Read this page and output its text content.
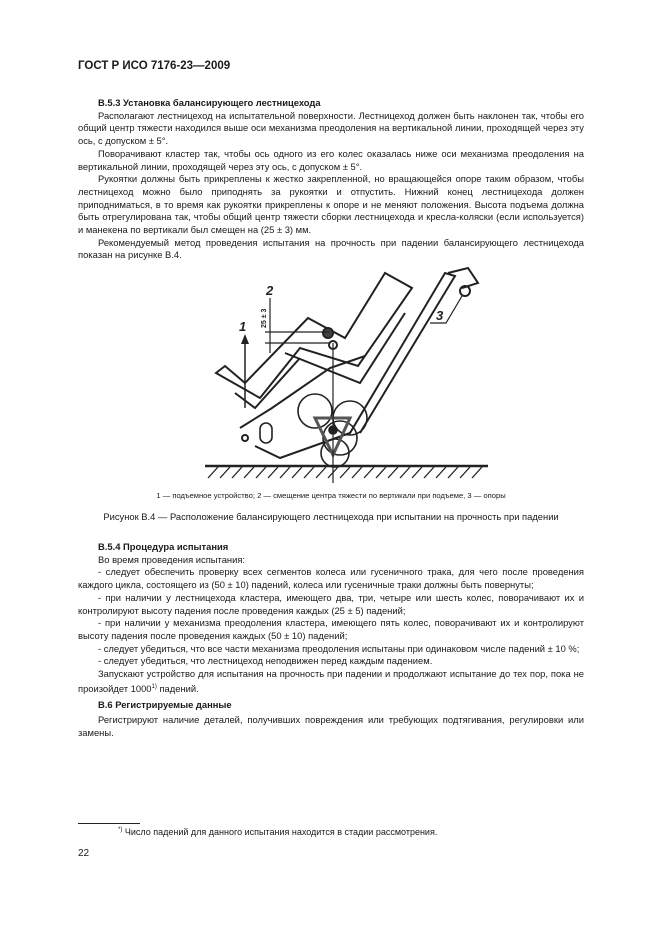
ГОСТ Р ИСО 7176-23—2009
В.5.3 Установка балансирующего лестницехода

Располагают лестницеход на испытательной поверхности. Лестницеход должен быть наклонен так, чтобы его общий центр тяжести находился выше оси механизма преодоления на вертикальной линии, проходящей через эту ось, с допуском ± 5°.

Поворачивают кластер так, чтобы ось одного из его колес оказалась ниже оси механизма преодоления на вертикальной линии, проходящей через эту ось, с допуском ± 5°.

Рукоятки должны быть прикреплены к жестко закрепленной, но вращающейся опоре таким образом, чтобы лестницеход можно было приподнять за рукоятки и отпустить. Нижний конец лестницехода должен приподниматься, в то время как рукоятки прикреплены к опоре и не меняют положения. Высота подъема должна быть отрегулирована так, чтобы общий центр тяжести сборки лестницехода и кресла-коляски (если используется) и манекена по вертикали был смещен на (25 ± 3) мм.

Рекомендуемый метод проведения испытания на прочность при падении балансирующего лестницехода показан на рисунке В.4.

1
2
3
25 ± 3
1 — подъемное устройство; 2 — смещение центра тяжести по вертикали при подъеме, 3 — опоры
Рисунок В.4 — Расположение балансирующего лестницехода при испытании на прочность при падении
В.5.4 Процедура испытания

Во время проведения испытания:

- следует обеспечить проверку всех сегментов колеса или гусеничного трака, для чего после проведения каждого цикла, состоящего из (50 ± 10) падений, колеса или гусеничные траки должны быть повернуты;

- при наличии у лестницехода кластера, имеющего два, три, четыре или шесть колес, поворачивают их и контролируют высоту падения после проведения каждых (25 ± 5) падений;

- при наличии у механизма преодоления кластера, имеющего пять колес, поворачивают их и контролируют высоту падения после проведения каждых (50 ± 10) падений;

- следует убедиться, что все части механизма преодоления испытаны при одинаковом числе падений ± 10 %;

- следует убедиться, что лестницеход неподвижен перед каждым падением.

Запускают устройство для испытания на прочность при падении и продолжают испытание до тех пор, пока не произойдет 1000$^{1)}$ падений.

В.6 Регистрируемые данные

Регистрируют наличие деталей, получивших повреждения или требующих подтягивания, регулировки или замены.

*) Число падений для данного испытания находится в стадии рассмотрения.
22
